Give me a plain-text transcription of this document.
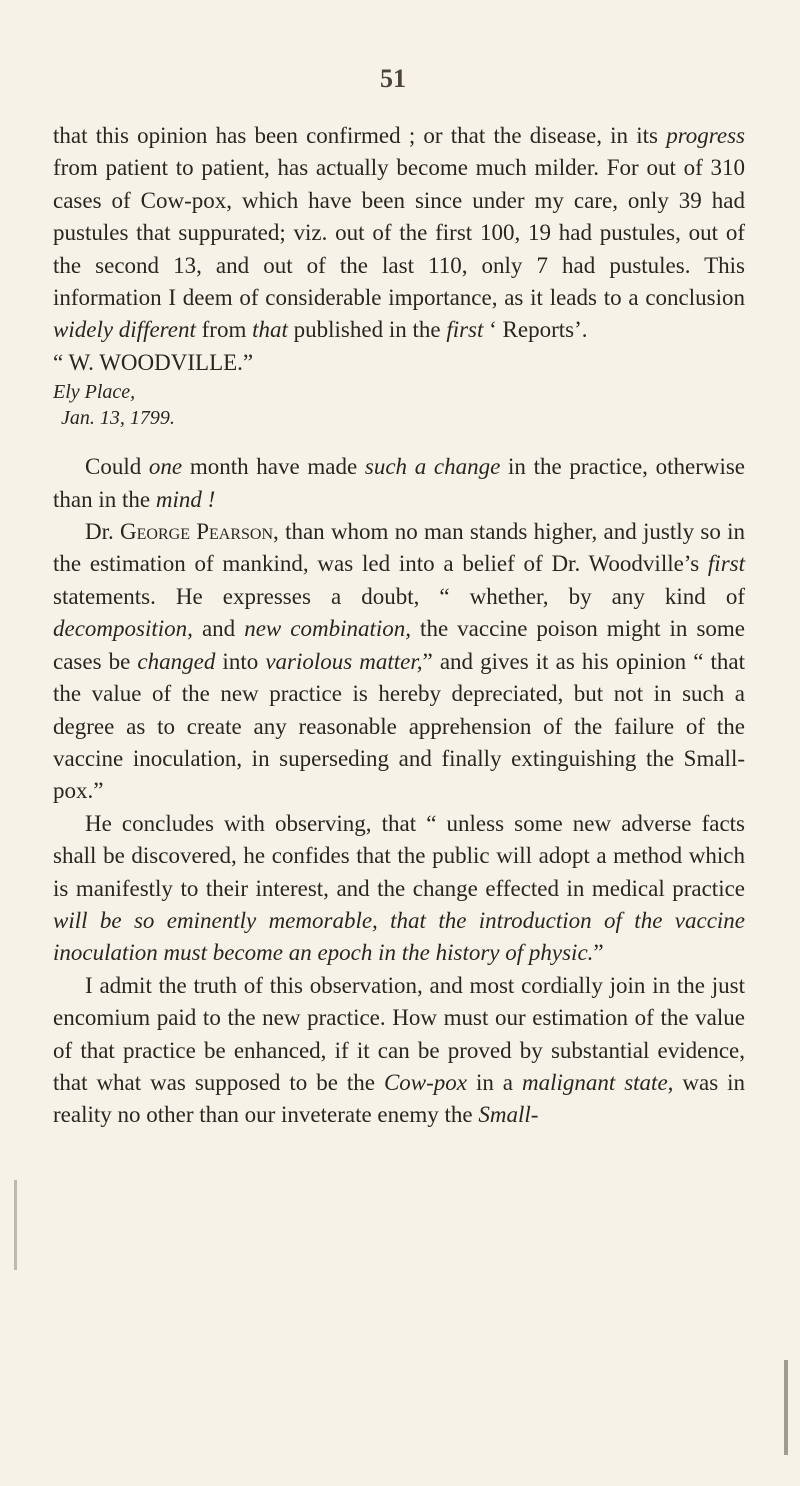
51

that this opinion has been confirmed ; or that the disease, in its progress from patient to patient, has actually become much milder. For out of 310 cases of Cow-pox, which have been since under my care, only 39 had pustules that suppurated; viz. out of the first 100, 19 had pustules, out of the second 13, and out of the last 110, only 7 had pustules. This information I deem of considerable importance, as it leads to a conclusion widely different from that published in the first ‘ Reports’.

“ W. WOODVILLE.”

Ely Place,
Jan. 13, 1799.

Could one month have made such a change in the practice, otherwise than in the mind !

Dr. George Pearson, than whom no man stands higher, and justly so in the estimation of mankind, was led into a belief of Dr. Woodville’s first statements. He expresses a doubt, “ whether, by any kind of decomposition, and new combination, the vaccine poison might in some cases be changed into variolous matter,” and gives it as his opinion “ that the value of the new practice is hereby depreciated, but not in such a degree as to create any reasonable apprehension of the failure of the vaccine inoculation, in superseding and finally extinguishing the Small-pox.”

He concludes with observing, that “ unless some new adverse facts shall be discovered, he confides that the public will adopt a method which is manifestly to their interest, and the change effected in medical practice will be so eminently memorable, that the introduction of the vaccine inoculation must become an epoch in the history of physic.”

I admit the truth of this observation, and most cordially join in the just encomium paid to the new practice. How must our estimation of the value of that practice be enhanced, if it can be proved by substantial evidence, that what was supposed to be the Cow-pox in a malignant state, was in reality no other than our inveterate enemy the Small-
